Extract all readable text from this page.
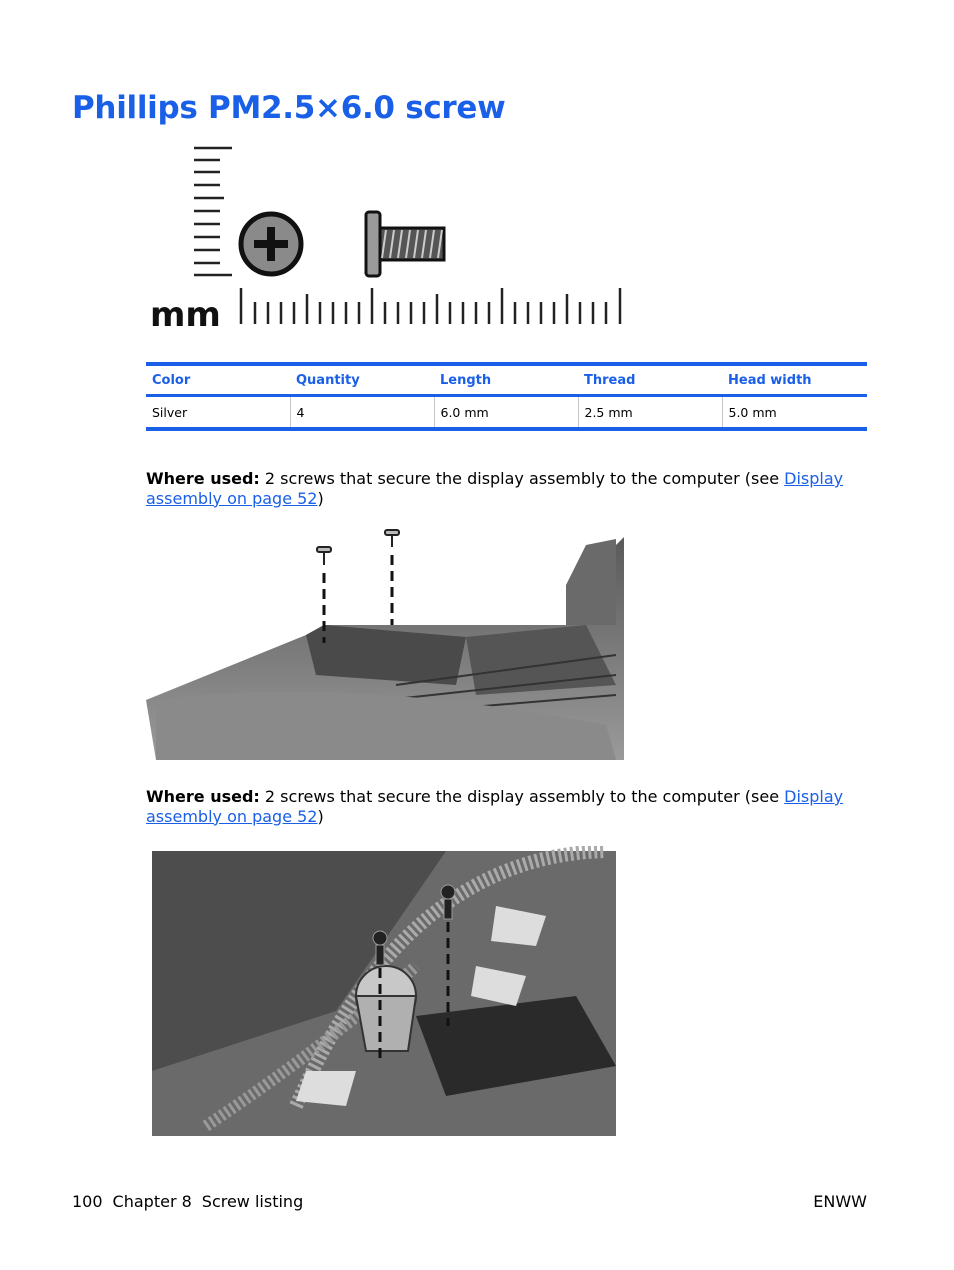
Phillips PM2.5×6.0 screw
mm
Color	Quantity	Length	Thread	Head width
Silver	4	6.0 mm	2.5 mm	5.0 mm

Where used: 2 screws that secure the display assembly to the computer (see Display assembly on page 52)

Where used: 2 screws that secure the display assembly to the computer (see Display assembly on page 52)

100 Chapter 8 Screw listing	ENWW
